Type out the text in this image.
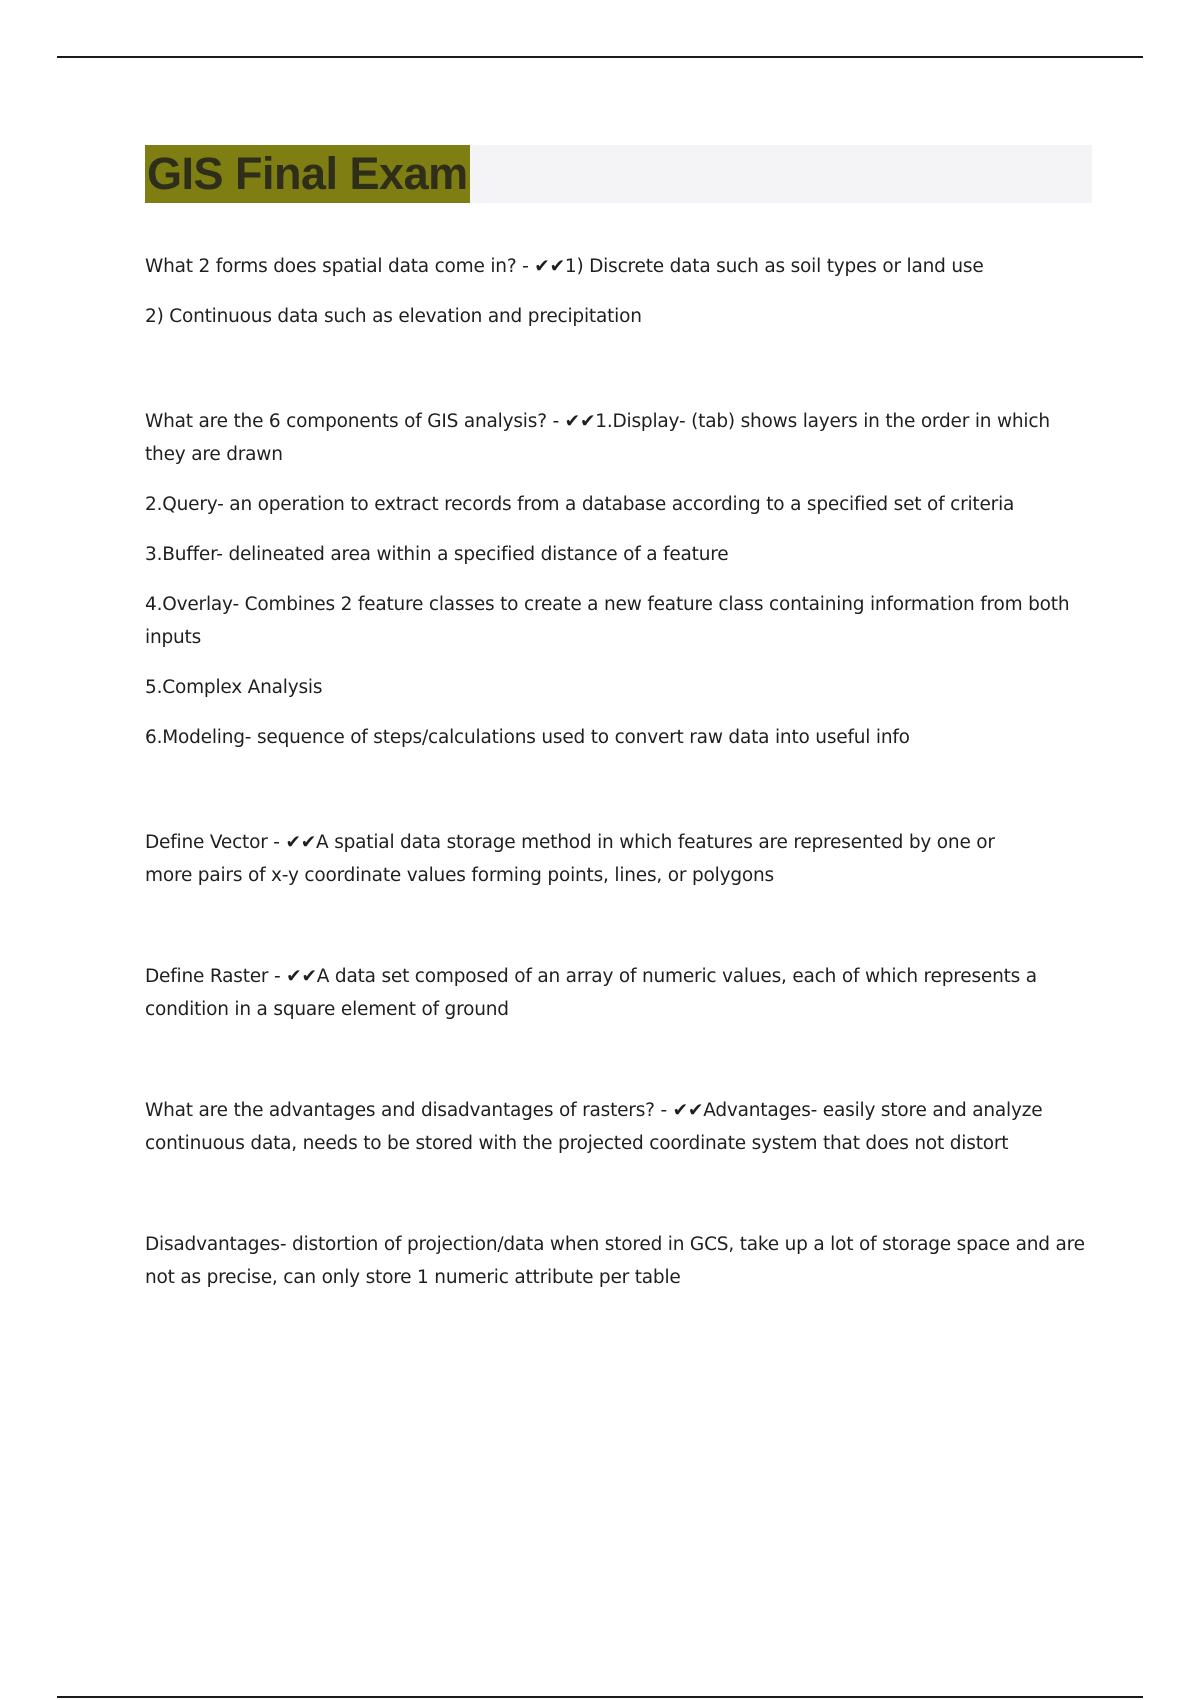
GIS Final Exam

What 2 forms does spatial data come in? - ✔✔1) Discrete data such as soil types or land use

2) Continuous data such as elevation and precipitation

What are the 6 components of GIS analysis? - ✔✔1.Display- (tab) shows layers in the order in which
they are drawn

2.Query- an operation to extract records from a database according to a specified set of criteria

3.Buffer- delineated area within a specified distance of a feature

4.Overlay- Combines 2 feature classes to create a new feature class containing information from both
inputs

5.Complex Analysis

6.Modeling- sequence of steps/calculations used to convert raw data into useful info

Define Vector - ✔✔A spatial data storage method in which features are represented by one or
more pairs of x-y coordinate values forming points, lines, or polygons

Define Raster - ✔✔A data set composed of an array of numeric values, each of which represents a
condition in a square element of ground

What are the advantages and disadvantages of rasters? - ✔✔Advantages- easily store and analyze
continuous data, needs to be stored with the projected coordinate system that does not distort

Disadvantages- distortion of projection/data when stored in GCS, take up a lot of storage space and are
not as precise, can only store 1 numeric attribute per table
